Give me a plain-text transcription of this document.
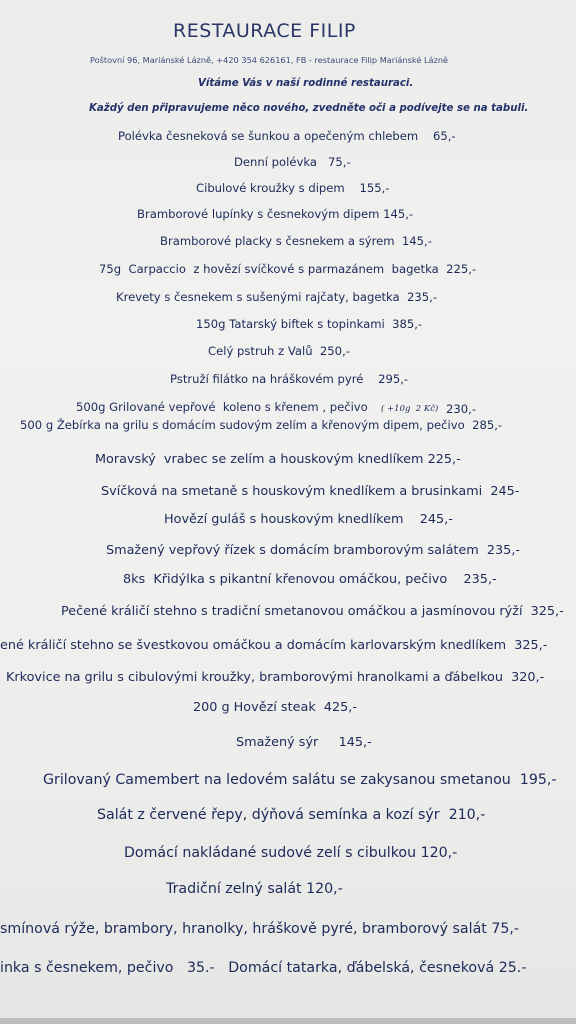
RESTAURACE FILIP
Poštovní 96, Mariánské Lázně, +420 354 626161, FB - restaurace Filip Mariánské Lázně
Vítáme Vás v naší rodinné restauraci.
Každý den připravujeme něco nového, zvedněte oči a podívejte se na tabuli.
Polévka česneková se šunkou a opečeným chlebem    65,-
Denní polévka   75,-
Cibulové kroužky s dipem    155,-
Bramborové lupínky s česnekovým dipem 145,-
Bramborové placky s česnekem a sýrem  145,-
75g  Carpaccio  z hovězí svíčkové s parmazánem  bagetka  225,-
Krevety s česnekem s sušenými rajčaty, bagetka  235,-
150g Tatarský biftek s topinkami  385,-
Celý pstruh z Valů  250,-
Pstruží filátko na hráškovém pyré    295,-
500g Grilované vepřové  koleno s křenem , pečivo ( +10g  2 Kč) 230,-
500 g Žebírka na grilu s domácím sudovým zelím a křenovým dipem, pečivo  285,-
Moravský  vrabec se zelím a houskovým knedlíkem 225,-
Svíčková na smetaně s houskovým knedlíkem a brusinkami  245-
Hovězí guláš s houskovým knedlíkem    245,-
Smažený vepřový řízek s domácím bramborovým salátem  235,-
8ks  Křidýlka s pikantní křenovou omáčkou, pečivo    235,-
Pečené králičí stehno s tradiční smetanovou omáčkou a jasmínovou rýží  325,-
ené králičí stehno se švestkovou omáčkou a domácím karlovarským knedlíkem  325,-
Krkovice na grilu s cibulovými kroužky, bramborovými hranolkami a ďábelkou  320,-
200 g Hovězí steak  425,-
Smažený sýr     145,-
Grilovaný Camembert na ledovém salátu se zakysanou smetanou  195,-
Salát z červené řepy, dýňová semínka a kozí sýr  210,-
Domácí nakládané sudové zelí s cibulkou 120,-
Tradiční zelný salát 120,-
smínová rýže, brambory, hranolky, hráškově pyré, bramborový salát 75,-
inka s česnekem, pečivo   35.-   Domácí tatarka, ďábelská, česneková 25.-
